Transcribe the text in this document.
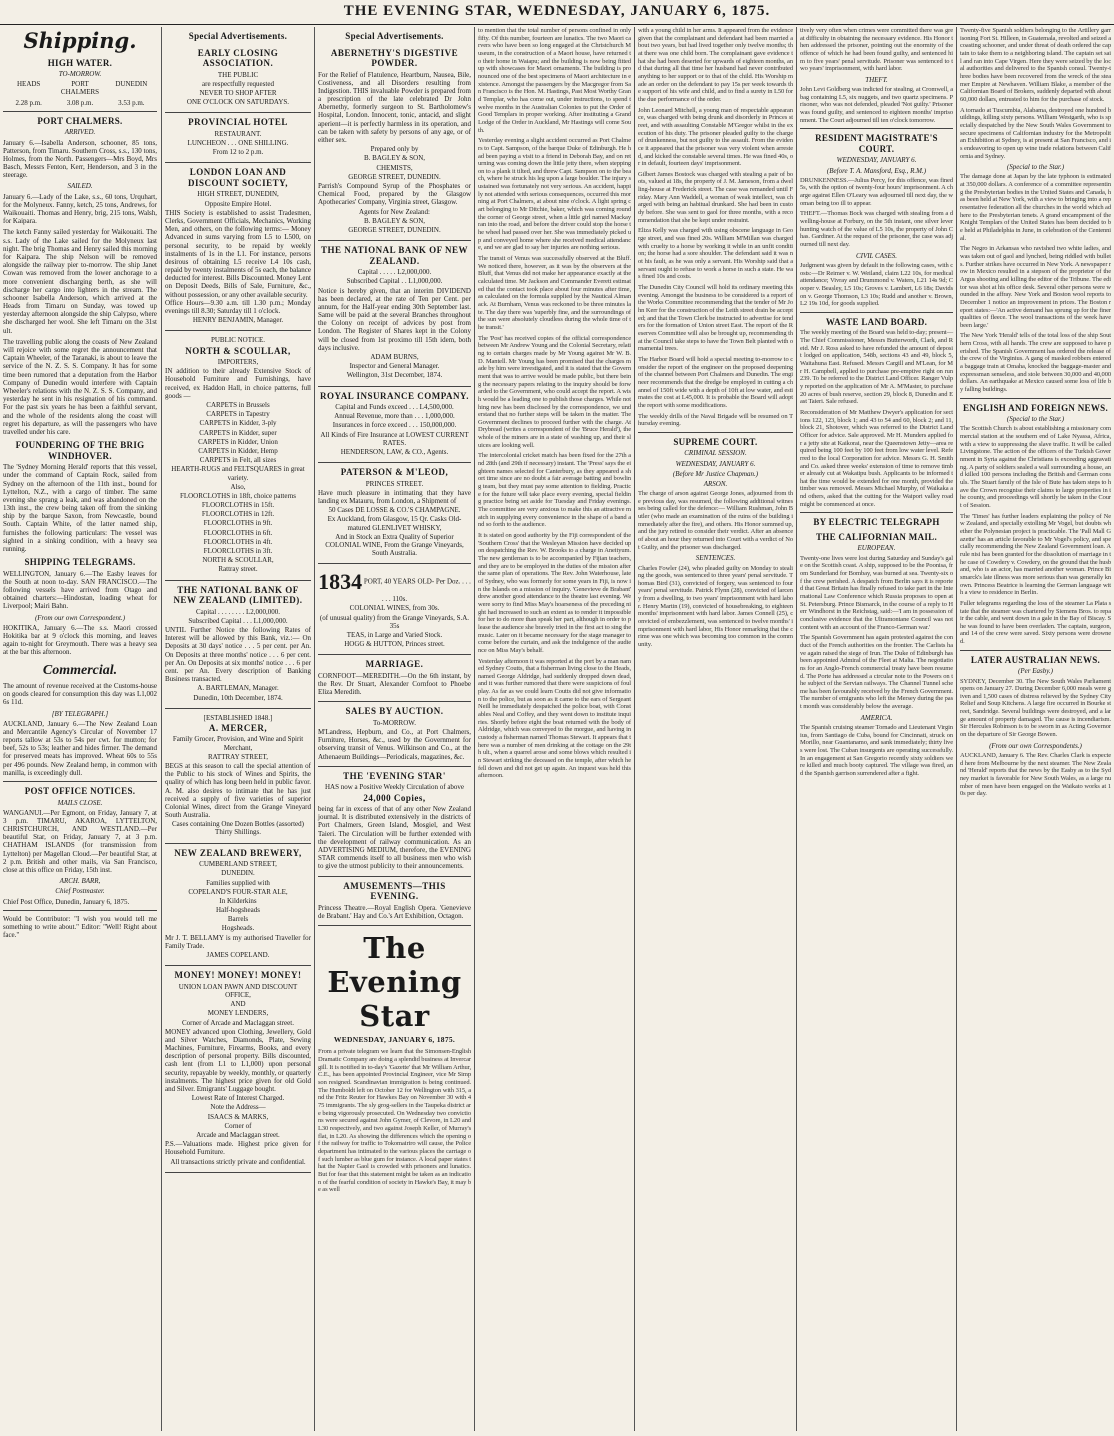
THE EVENING STAR, WEDNESDAY, JANUARY 6, 1875.
Shipping.
HIGH WATER.
TO-MORROW.
HEADS	PORT CHALMERS
DUNEDIN
2.28 p.m.	3.08 p.m.	3.53 p.m.
PORT CHALMERS.
ARRIVED.

January 6.—Isabella Anderson, schooner, 85 tons, Patterson, from Timaru. Southern Cross, s.s., 130 tons, Holmes, from the North. Passengers—Mrs Boyd, Mrs Basch, Messrs Fenton, Kerr, Henderson, and 3 in the steerage.

SAILED.

January 6.—Lady of the Lake, s.s., 60 tons, Urquhart, for the Molyneux. Fanny, ketch, 25 tons, Andrews, for Waikouaiti. Thomas and Henry, brig, 215 tons, Walsh, for Kaipara.

The ketch Fanny sailed yesterday for Waikouaiti. The s.s. Lady of the Lake sailed for the Molyneux last night. The brig Thomas and Henry sailed this morning for Kaipara. The ship Nelson will be removed alongside the railway pier to-morrow. The ship Janet Cowan was removed from the lower anchorage to a more convenient discharging berth, as she will discharge her cargo into lighters in the stream. The schooner Isabella Anderson, which arrived at the Heads from Timaru on Sunday, was towed up yesterday afternoon alongside the ship Calypso, where she discharged her wool. She left Timaru on the 31st ult.

The travelling public along the coasts of New Zealand will rejoice with some regret the announcement that Captain Wheeler, of the Taranaki, is about to leave the service of the N. Z. S. S. Company. It has for some time been rumored that a deputation from the Harbor Company of Dunedin would interfere with Captain Wheeler's relations with the N. Z. S. S. Company, and yesterday he sent in his resignation of his command. For the past six years he has been a faithful servant, and the whole of the residents along the coast will regret his departure, as will the passengers who have travelled under his care.

FOUNDERING OF THE BRIG WINDHOVER.

The 'Sydney Morning Herald' reports that this vessel, under the command of Captain Rock, sailed from Sydney on the afternoon of the 11th inst., bound for Lyttelton, N.Z., with a cargo of timber. The same evening she sprang a leak, and was abandoned on the 13th inst., the crew being taken off from the sinking ship by the barque Saxon, from Newcastle, bound South. Captain White, of the latter named ship, furnishes the following particulars: The vessel was sighted in a sinking condition, with a heavy sea running.

SHIPPING TELEGRAMS.

WELLINGTON, January 6.—The Easby leaves for the South at noon to-day. SAN FRANCISCO.—The following vessels have arrived from Otago and obtained charters:—Hindostan, loading wheat for Liverpool; Mairi Bahn.

(From our own Correspondent.)

HOKITIKA, January 6.—The s.s. Maori crossed Hokitika bar at 9 o'clock this morning, and leaves again to-night for Greymouth. There was a heavy sea at the bar this afternoon.

Commercial.

The amount of revenue received at the Customs-house on goods cleared for consumption this day was L1,002 6s 11d.

[BY TELEGRAPH.]

AUCKLAND, January 6.—The New Zealand Loan and Mercantile Agency's Circular of November 17 reports tallow at 53s to 54s per cwt. for mutton; for beef, 52s to 53s; leather and hides firmer. The demand for preserved meats has improved. Wheat 60s to 55s per 496 pounds. New Zealand hemp, in common with manilla, is exceedingly dull.

POST OFFICE NOTICES.
MAILS CLOSE.

WANGANUI.—Per Egmont, on Friday, January 7, at 3 p.m. TIMARU, AKAROA, LYTTELTON, CHRISTCHURCH, AND WESTLAND.—Per beautiful Star, on Friday, January 7, at 3 p.m. CHATHAM ISLANDS (for transmission from Lyttelton) per Magellan Cloud.—Per beautiful Star, at 2 p.m. British and other mails, via San Francisco, close at this office on Friday, 15th inst.

ARCH. BARR,
Chief Postmaster.

Chief Post Office, Dunedin, January 6, 1875.

Would be Contributor: "I wish you would tell me something to write about." Editor: "Well! Right about face."

Special Advertisements.
EARLY CLOSING ASSOCIATION.
THE PUBLIC
are respectfully requested
NEVER TO SHOP AFTER
ONE O'CLOCK ON SATURDAYS.
PROVINCIAL HOTEL
RESTAURANT.
LUNCHEON . . . ONE SHILLING.
From 12 to 2 p.m.
LONDON LOAN AND DISCOUNT SOCIETY,
HIGH STREET, DUNEDIN,
Opposite Empire Hotel.
THIS Society is established to assist Tradesmen, Clerks, Government Officials, Mechanics, Working Men, and others, on the following terms:— Money Advanced in sums varying from L5 to L500, on personal security, to be repaid by weekly instalments of 1s in the L1. For instance, persons desirous of obtaining L5 receive L4 10s cash, repaid by twenty instalments of 5s each, the balance deducted for interest. Bills Discounted. Money Lent on Deposit Deeds, Bills of Sale, Furniture, &c., without possession, or any other available security.
Office Hours—9.30 a.m. till 1.30 p.m.; Monday evenings till 8.30; Saturday till 1 o'clock.
HENRY BENJAMIN, Manager.
PUBLIC NOTICE.
NORTH & SCOULLAR,
IMPORTERS,
IN addition to their already Extensive Stock of Household Furniture and Furnishings, have received, ex Haddon Hall, in choice patterns, full goods —
CARPETS in Brussels
CARPETS in Tapestry
CARPETS in Kidder, 3-ply
CARPETS in Kidder, super
CARPETS in Kidder, Union
CARPETS in Kidder, Hemp
CARPETS in Felt, all sizes
HEARTH-RUGS and FELTSQUARES in great variety.
Also,
FLOORCLOTHS in 18ft, choice patterns
FLOORCLOTHS in 15ft.
FLOORCLOTHS in 12ft.
FLOORCLOTHS in 9ft.
FLOORCLOTHS in 6ft.
FLOORCLOTHS in 4ft.
FLOORCLOTHS in 3ft.
NORTH & SCOULLAR,
Rattray street.
THE NATIONAL BANK OF NEW ZEALAND (LIMITED).
Capital . . . . . . . . L2,000,000.
Subscribed Capital . . . L1,000,000.
UNTIL Further Notice the following Rates of Interest will be allowed by this Bank, viz.:— On Deposits at 30 days' notice . . . 5 per cent. per An. On Deposits at three months' notice . . . 6 per cent. per An. On Deposits at six months' notice . . . 6 per cent. per An. Every description of Banking Business transacted.
A. BARTLEMAN, Manager.
Dunedin, 10th December, 1874.
[ESTABLISHED 1848.]
A. MERCER,
Family Grocer, Provision, and Wine and Spirit Merchant,
RATTRAY STREET,
BEGS at this season to call the special attention of the Public to his stock of Wines and Spirits, the quality of which has long been held in public favor. A. M. also desires to intimate that he has just received a supply of five varieties of superior Colonial Wines, direct from the Grange Vineyard South Australia.
Cases containing One Dozen Bottles (assorted) Thirty Shillings.
NEW ZEALAND BREWERY,
CUMBERLAND STREET,
DUNEDIN.
Families supplied with
COPELAND'S FOUR-STAR ALE,
In Kilderkins
Half-hogsheads
Barrels
Hogsheads.
Mr J. T. BELLAMY is my authorised Traveller for Family Trade.
JAMES COPELAND.
MONEY! MONEY! MONEY!
UNION LOAN PAWN AND DISCOUNT OFFICE,
AND
MONEY LENDERS,
Corner of Arcade and Maclaggan street.
MONEY advanced upon Clothing, Jewellery, Gold and Silver Watches, Diamonds, Plate, Sewing Machines, Furniture, Firearms, Books, and every description of personal property. Bills discounted, cash lent (from L1 to L1,000) upon personal security, repayable by weekly, monthly, or quarterly instalments. The highest price given for old Gold and Silver. Emigrants' Luggage bought.
Lowest Rate of Interest Charged.
Note the Address—
ISAACS & MARKS,
Corner of
Arcade and Maclaggan street.
P.S.—Valuations made. Highest price given for Household Furniture.
All transactions strictly private and confidential.
Special Advertisements.
ABERNETHY'S DIGESTIVE POWDER.
For the Relief of Flatulence, Heartburn, Nausea, Bile, Costiveness, and all Disorders resulting from Indigestion. THIS invaluable Powder is prepared from a prescription of the late celebrated Dr John Abernethy, formerly surgeon to St. Bartholomew's Hospital, London. Innocent, tonic, antacid, and slight aperient—it is perfectly harmless in its operation, and can be taken with safety by persons of any age, or of either sex.
Prepared only by
B. BAGLEY & SON,
CHEMISTS,
GEORGE STREET, DUNEDIN.
Parrish's Compound Syrup of the Phosphates or Chemical Food, prepared by the Glasgow Apothecaries' Company, Virginia street, Glasgow.
Agents for New Zealand:
B. BAGLEY & SON,
GEORGE STREET, DUNEDIN.
THE NATIONAL BANK OF NEW ZEALAND.
Capital . . . . . L2,000,000.
Subscribed Capital . . L1,000,000.
Notice is hereby given, that an interim DIVIDEND has been declared, at the rate of Ten per Cent. per annum, for the Half-year ending 30th September last. Same will be paid at the several Branches throughout the Colony on receipt of advices by post from London. The Register of Shares kept in the Colony will be closed from 1st proximo till 15th idem, both days inclusive.
ADAM BURNS,
Inspector and General Manager.
Wellington, 31st December, 1874.
ROYAL INSURANCE COMPANY.
Capital and Funds exceed . . . L4,500,000.
Annual Revenue, more than . . . 1,000,000.
Insurances in force exceed . . . 150,000,000.
All Kinds of Fire Insurance at LOWEST CURRENT RATES.
HENDERSON, LAW, & CO., Agents.
PATERSON & M'LEOD,
PRINCES STREET.
Have much pleasure in intimating that they have landing ex Matauru, from London, a Shipment of
50 Cases DE LOSSE & CO.'S CHAMPAGNE.
Ex Auckland, from Glasgow, 15 Qr. Casks Old-matured GLENLIVET WHISKY,
And in Stock an Extra Quality of Superior COLONIAL WINE, From the Grange Vineyards, South Australia.
1834 PORT, 40 YEARS OLD- Per Doz. . . . . . . 110s.
COLONIAL WINES, from 30s.
(of unusual quality) from the Grange Vineyards, S.A. 35s
TEAS, in Large and Varied Stock.
HOGG & HUTTON, Princes street.
MARRIAGE.
CORNFOOT—MEREDITH.—On the 6th instant, by the Rev. Dr Stuart, Alexander Cornfoot to Phoebe Eliza Meredith.
SALES BY AUCTION.
To-MORROW.
M'Landress, Hepburn, and Co., at Port Chalmers, Furniture, Horses, &c., used by the Government for observing transit of Venus. Wilkinson and Co., at the Athenaeum Buildings—Periodicals, magazines, &c.
THE 'EVENING STAR'
HAS now a Positive Weekly Circulation of above
24,000 Copies,
being far in excess of that of any other New Zealand journal. It is distributed extensively in the districts of Port Chalmers, Green Island, Mosgiel, and West Taieri. The Circulation will be further extended with the development of railway communication. As an ADVERTISING MEDIUM, therefore, the EVENING STAR commends itself to all business men who wish to give the utmost publicity to their announcements.
AMUSEMENTS—THIS EVENING.
Princess Theatre.—Royal English Opera. 'Genevieve de Brabant.' Hay and Co.'s Art Exhibition, Octagon.
The Evening Star
WEDNESDAY, JANUARY 6, 1875.

From a private telegram we learn that the Simonsen-English Dramatic Company are doing a splendid business at Invercargill. It is notified in to-day's 'Gazette' that Mr William Arthur, C.E., has been appointed Provincial Engineer, vice Mr Simpson resigned. Scandinavian immigration is being continued. The Humboldt left on October 12 for Wellington with 315, and the Fritz Reuter for Hawkes Bay on November 30 with 475 immigrants. The sly grog-sellers in the Taupeka district are being vigorously prosecuted. On Wednesday two convictions were secured against John Gymer, of Clevore, in L20 and L30 respectively, and two against Joseph Keller, of Murray's flat, in L20. As showing the differences which the opening of the railway for traffic to Tokomairiro will cause, the Police department has intimated to the various places the carriage of such lumber as blue gum for instance. A local paper states that the Napier Gaol is crowded with prisoners and lunatics. But for fear that this statement might be taken as an indication of the fearful condition of society in Hawke's Bay, it may be as well

to mention that the total number of persons confined in only fifty. Of this number, fourteen are lunatics. The two Maori carvers who have been so long engaged at the Christchurch Museum, in the construction of a Maori house, have returned to their home in Waiapu; and the building is now being fitted up with showcases for Maori ornaments. The building is pronounced one of the best specimens of Maori architecture in existence. Amongst the passengers by the Macgregor from San Francisco is the Hon. M. Hastings, Past Most Worthy Grand Templar, who has come out, under instructions, to spend twelve months in the Australian Colonies to put the Order of Good Templars in proper working. After instituting a Grand Lodge of the Order in Auckland, Mr Hastings will come South.

Yesterday evening a slight accident occurred as Port Chalmers to Capt. Sampson, of the barque Duke of Edinburgh. He had been paying a visit to a friend in Deborah Bay, and on returning was coming down the little jetty there, when stepping on to a plank it tilted, and threw Capt. Sampson on to the beach, where he struck his leg upon a large boulder. The injury sustained was fortunately not very serious. An accident, happily not attended with serious consequences, occurred this morning at Port Chalmers, at about nine o'clock. A light spring cart belonging to Mr Ditchie, baker, which was coming round the corner of George street, when a little girl named Mackay ran into the road, and before the driver could stop the horse the wheel had passed over her. She was immediately picked up and conveyed home where she received medical attendance, and we are glad to say her injuries are nothing serious.

The transit of Venus was successfully observed at the Bluff. We noticed there, however, as it was by the observers at the Bluff, that Venus did not make her appearance exactly at the calculated time. Mr Jackson and Commander Everett estimated that the contact took place about four minutes after time, as calculated on the formula supplied by the Nautical Almanack. At Burnham, Venus was reckoned to be three minutes late. The day there was 'superbly fine, and the surroundings of the sun were absolutely cloudless during the whole time of the transit.'

The 'Post' has received copies of the official correspondence between Mr Andrew Young and the Colonial Secretary, relating to certain charges made by Mr Young against Mr W. B. D. Mantell. Mr Young has been promised that the charges made by him were investigated, and it is stated that the Government that was to arrive would be made public, but there being the necessary papers relating to the inquiry should be forwarded to the Government, who could accept the report. A wish would be a leading one to publish those charges. While nothing new has been disclosed by the correspondence, we understand that no further steps will be taken in the matter. The Government declines to proceed further with the charge. At Drybread (writes a correspondent of the 'Bruce Herald'), the whole of the miners are in a state of washing up, and their sluices are looking well.

The intercolonial cricket match has been fixed for the 27th and 28th (and 29th if necessary) instant. The 'Press' says the eighteen names selected for Canterbury, as they appeared a short time since are no doubt a fair average batting and bowling team, but they must pay some attention to fielding. Practice for the future will take place every evening, special fielding practice being set aside for Tuesday and Friday evenings. The committee are very anxious to make this an attractive match in supplying every convenience in the shape of a band and so forth to the audience.

It is stated on good authority by the Fiji correspondent of the 'Southern Cross' that the Wesleyan Mission have decided upon despatching the Rev. W. Brooks to a charge in Aneityum. The new gentleman is to be accompanied by Fijian teachers, and they are to be employed in the duties of the mission after the same plan of operations. The Rev. John Waterhouse, late of Sydney, who was formerly for some years in Fiji, is now in the Islands on a mission of inquiry. 'Genevieve de Brabant' drew another good attendance to the theatre last evening. We were sorry to find Miss May's hoarseness of the preceding night had increased to such an extent as to render it impossible for her to do more than speak her part, although in order to please the audience she bravely tried in the first act to sing the music. Later on it became necessary for the stage manager to come before the curtain, and ask the indulgence of the audience on Miss May's behalf.

Yesterday afternoon it was reported at the port by a man named Sydney Coutts, that a fisherman living close to the Heads, named George Aldridge, had suddenly dropped down dead, and it was further rumored that there were suspicions of foul play. As far as we could learn Coutts did not give information to the police, but as soon as it came to the ears of Sergeant Neill he immediately despatched the police boat, with Constables Neal and Coffey, and they went down to institute inquiries. Shortly before eight the boat returned with the body of Aldridge, which was conveyed to the morgue, and having in custody a fisherman named Thomas Stewart. It appears that there was a number of men drinking at the cottage on the 29th ult., when a quarrel arose and some blows which resulted in Stewart striking the deceased on the temple, after which he fell down and did not get up again. An inquest was held this afternoon.

with a young child in her arms. It appeared from the evidence given that the complainant and defendant had been married about two years, but had lived together only twelve months; that there was one child born. The complainant gave evidence that she had been deserted for upwards of eighteen months, and that during all that time her husband had never contributed anything to her support or to that of the child. His Worship made an order on the defendant to pay 15s per week towards the support of his wife and child, and to find a surety in L50 for the due performance of the order.

John Leonard Mitchell, a young man of respectable appearance, was charged with being drunk and disorderly in Princes street, and with assaulting Constable M'Gregor whilst in the execution of his duty. The prisoner pleaded guilty to the charge of drunkenness, but not guilty to the assault. From the evidence it appeared that the prisoner was very violent when arrested, and kicked the constable several times. He was fined 40s, or in default, fourteen days' imprisonment.

Gilbert James Bostock was charged with stealing a pair of boots, valued at 18s, the property of J. M. Jameson, from a dwelling-house at Frederick street. The case was remanded until Friday. Mary Ann Waddell, a woman of weak intellect, was charged with being an habitual drunkard. She had been in custody before. She was sent to gaol for three months, with a recommendation that she be kept under restraint.

Eliza Kelly was charged with using obscene language in George street, and was fined 20s. William M'Millan was charged with cruelty to a horse by working it while in an unfit condition; the horse had a sore shoulder. The defendant said it was not his fault, as he was only a servant. His Worship said that a servant ought to refuse to work a horse in such a state. He was fined 10s and costs.

The Dunedin City Council will hold its ordinary meeting this evening. Amongst the business to be considered is a report of the Works Committee recommending that the tender of Mr John Kerr for the construction of the Leith street drain be accepted; and that the Town Clerk be instructed to advertise for tenders for the formation of Union street East. The report of the Reserves Committee will also be brought up, recommending that the Council take steps to have the Town Belt planted with ornamental trees.

The Harbor Board will hold a special meeting to-morrow to consider the report of the engineer on the proposed deepening of the channel between Port Chalmers and Dunedin. The engineer recommends that the dredge be employed in cutting a channel of 150ft wide with a depth of 10ft at low water, and estimates the cost at L45,000. It is probable the Board will adopt the report with some modifications.

The weekly drills of the Naval Brigade will be resumed on Thursday evening.

SUPREME COURT.
CRIMINAL SESSION.
WEDNESDAY, JANUARY 6.
(Before Mr Justice Chapman.)
ARSON.

The charge of arson against George Jones, adjourned from the previous day, was resumed, the following additional witnesses being called for the defence:— William Rushman, John Butler (who made an examination of the ruins of the building immediately after the fire), and others. His Honor summed up, and the jury retired to consider their verdict. After an absence of about an hour they returned into Court with a verdict of Not Guilty, and the prisoner was discharged.

SENTENCES.

Charles Fowler (24), who pleaded guilty on Monday to stealing the goods, was sentenced to three years' penal servitude. Thomas Bird (31), convicted of forgery, was sentenced to four years' penal servitude. Patrick Flynn (28), convicted of larceny from a dwelling, to two years' imprisonment with hard labor. Henry Martin (19), convicted of housebreaking, to eighteen months' imprisonment with hard labor. James Connell (25), convicted of embezzlement, was sentenced to twelve months' imprisonment with hard labor, His Honor remarking that the crime was one which was becoming too common in the community.

tively very often when crimes were committed there was great difficulty in obtaining the necessary evidence. His Honor then addressed the prisoner, pointing out the enormity of the offence of which he had been found guilty, and sentenced him to five years' penal servitude. Prisoner was sentenced to two years' imprisonment, with hard labor.

THEFT.

John Levi Goldberg was indicted for stealing, at Cromwell, a bag containing L5, six nuggets, and two quartz specimens. Prisoner, who was not defended, pleaded 'Not guilty.' Prisoner was found guilty, and sentenced to eighteen months' imprisonment. The Court adjourned till ten o'clock tomorrow.

RESIDENT MAGISTRATE'S COURT.
WEDNESDAY, JANUARY 6.
(Before T. A. Mansford, Esq., R.M.)

DRUNKENNESS.—Julius Percy, for this offence, was fined 5s, with the option of twenty-four hours' imprisonment. A charge against Ellen O'Leary was adjourned till next day, the woman being too ill to appear.

THEFT.—Thomas Bock was charged with stealing from a dwelling-house at Forbury, on the 5th instant, one silver lever hunting watch of the value of L5 10s, the property of John Chas. Gardiner. At the request of the prisoner, the case was adjourned till next day.

CIVIL CASES.

Judgment was given by default in the following cases, with costs:—Dr Reimer v. W. Weiland, claim L22 10s, for medical attendance; Vivray and Drummond v. Waters, L21 14s 9d; Cooper v. Beasley, L5 10s; Groves v. Lambert, L6 18s; Davidson v. George Thomson, L3 10s; Rudd and another v. Brown, L2 19s 10d, for goods supplied.

WASTE LAND BOARD.

The weekly meeting of the Board was held to-day; present—The Chief Commissioner, Messrs Butterworth, Clark, and Reid. Mr J. Ross asked to have refunded the amount of deposit lodged on application, 548b, sections 43 and 49, block 5, Waitahuna East. Refused. Messrs Cargill and M'Lean, for Mr H. Campbell, applied to purchase pre-emptive right on run 239. To be referred to the District Land Officer. Ranger Vulpy reported on the application of Mr A. M'Master, to purchase 20 acres of bush reserve, section 29, block 8, Dunedin and East Taieri. Sale refused.

Reconsideration of Mr Matthew Dwyer's application for sections 122, 123, block 1; and 43 to 54 and 60, block 2; and 11, block 21, Shotover, which was referred to the District Land Officer for advice. Sale approved. Mr H. Munders applied for a jetty site at Kaikorai, near the Queenstown Jetty—area required being 100 feet by 100 feet from low water level. Referred to the local Corporation for advice. Messrs G. H. Smith and Co. asked three weeks' extension of time to remove timber already cut at Wakatipu bush. Applicants to be informed that the time would be extended for one month, provided the timber was removed. Messrs Michael Murphy, of Waikaka and others, asked that the cutting for the Waipori valley road might be commenced at once.

BY ELECTRIC TELEGRAPH
THE CALIFORNIAN MAIL.
EUROPEAN.

Twenty-one lives were lost during Saturday and Sunday's gale on the Scottish coast. A ship, supposed to be the Poonisa, from Sunderland for Bombay, was burned at sea. Twenty-six of the crew perished. A despatch from Berlin says it is reported that Great Britain has finally refused to take part in the International Law Conference which Russia proposes to open at St. Petersburg. Prince Bismarck, in the course of a reply to Herr Windhorst in the Reichstag, said:—'I am in possession of conclusive evidence that the Ultramontane Council was not content with an account of the Franco-German war.'

The Spanish Government has again protested against the conduct of the French authorities on the frontier. The Carlists have again raised the siege of Irun. The Duke of Edinburgh has been appointed Admiral of the Fleet at Malta. The negotiations for an Anglo-French commercial treaty have been resumed. The Porte has addressed a circular note to the Powers on the subject of the Servian railways. The Channel Tunnel scheme has been favourably received by the French Government. The number of emigrants who left the Mersey during the past month was considerably below the average.

AMERICA.

The Spanish cruising steamer Tornado and Lieutenant Virginius, from Santiago de Cuba, bound for Cincinnati, struck on Morillo, near Guantanamo, and sank immediately; thirty lives were lost. The Cuban insurgents are operating successfully. In an engagement at San Gregorio recently sixty soldiers were killed and much booty captured. The village was fired, and the Spanish garrison surrendered after a fight.

Twenty-five Spanish soldiers belonging to the Artillery garrisoning Fort St. Hilleen, in Guatemala, revolted and seized a coasting schooner, and under threat of death ordered the captain to take them to a neighboring island. The captain set sail and ran into Cape Virgen. Here they were seized by the local authorities and delivered to the Spanish consul. Twenty-three bodies have been recovered from the wreck of the steamer Empire at Newhaven. William Blake, a member of the Californian Board of Brokers, suddenly departed with about 60,000 dollars, entrusted to him for the purchase of stock.

A tornado at Tuscumbia, Alabama, destroyed one hundred buildings, killing sixty persons. William Westgarth, who is specially despatched by the New South Wales Government to secure specimens of Californian industry for the Metropolitan Exhibition at Sydney, is at present at San Francisco, and is endeavoring to open up wine trade relations between California and Sydney.

(Special to the Star.)

The damage done at Japan by the late typhoon is estimated at 350,000 dollars. A conference of a committee representing the Presbyterian bodies in the United States and Canada, has been held at New York, with a view to bringing into a representative federation all the churches in the world which adhere to the Presbyterian tenets. A grand encampment of the Knight Templars of the United States has been decided to be held at Philadelphia in June, in celebration of the Centennial.

The Negro in Arkansas who ravished two white ladies, and was taken out of gaol and lynched, being riddled with bullets. Further strikes have occurred in New York. A newspaper row in Mexico resulted in a stepson of the proprietor of the Argus shooting and killing the editor of the Tribune. The editor was shot at his office desk. Several other persons were wounded in the affray. New York and Boston wool reports to December 1 notice an improvement in prices. The Boston report states:—'An active demand has sprung up for the finer qualities of fleece. The wool transactions of the week have been large.'

The New York 'Herald' tells of the total loss of the ship Southern Cross, with all hands. The crew are supposed to have perished. The Spanish Government has ordered the release of the crew of the Virginius. A gang of masked robbers entered a baggage train at Omaha, knocked the baggage-master and expressman senseless, and stole between 30,000 and 40,000 dollars. An earthquake at Mexico caused some loss of life by falling buildings.

ENGLISH AND FOREIGN NEWS.
(Special to the Star.)

The Scottish Church is about establishing a missionary commercial station at the southern end of Lake Nyassa, Africa, with a view to suppressing the slave traffic. It will be called Livingstone. The action of the officers of the Turkish Government in Syria against the Christians is exceeding aggravating. A party of soldiers sealed a wall surrounding a house, and killed 100 persons including the British and German consuls. The Stuart family of the Isle of Bute has taken steps to have the Crown recognise their claims to large properties in the county, and proceedings will shortly be taken in the Court of Session.

The 'Times' has further leaders explaining the policy of New Zealand, and specially extolling Mr Vogel, but doubts whether the Polynesian project is practicable. The 'Pall Mall Gazette' has an article favorable to Mr Vogel's policy, and specially recommending the New Zealand Government loan. A rule nisi has been granted for the dissolution of marriage in the case of Cowdery v. Cowdery, on the ground that the husband, who is an actor, has married another woman. Prince Bismarck's late illness was more serious than was generally known. Princess Beatrice is learning the German language with a view to residence in Berlin.

Fuller telegrams regarding the loss of the steamer La Plata state that the steamer was chartered by Siemens Bros. to repair the cable, and went down in a gale in the Bay of Biscay. She was found to have been overladen. The captain, surgeon, and 14 of the crew were saved. Sixty persons were drowned.

LATER AUSTRALIAN NEWS.
(Per Easby.)

SYDNEY, December 30. The New South Wales Parliament opens on January 27. During December 6,000 meals were given and 1,500 cases of distress relieved by the Sydney City Relief and Soup Kitchens. A large fire occurred in Bourke street, Sandridge. Several buildings were destroyed, and a large amount of property damaged. The cause is incendiarism. Sir Hercules Robinson is to be sworn in as Acting Governor on the departure of Sir George Bowen.

(From our own Correspondents.)

AUCKLAND, January 6. The Rev. Charles Clark is expected here from Melbourne by the next steamer. The New Zealand 'Herald' reports that the news by the Easby as to the Sydney market is favorable for New South Wales, as a large number of men have been engaged on the Waikato works at 10s per day.
